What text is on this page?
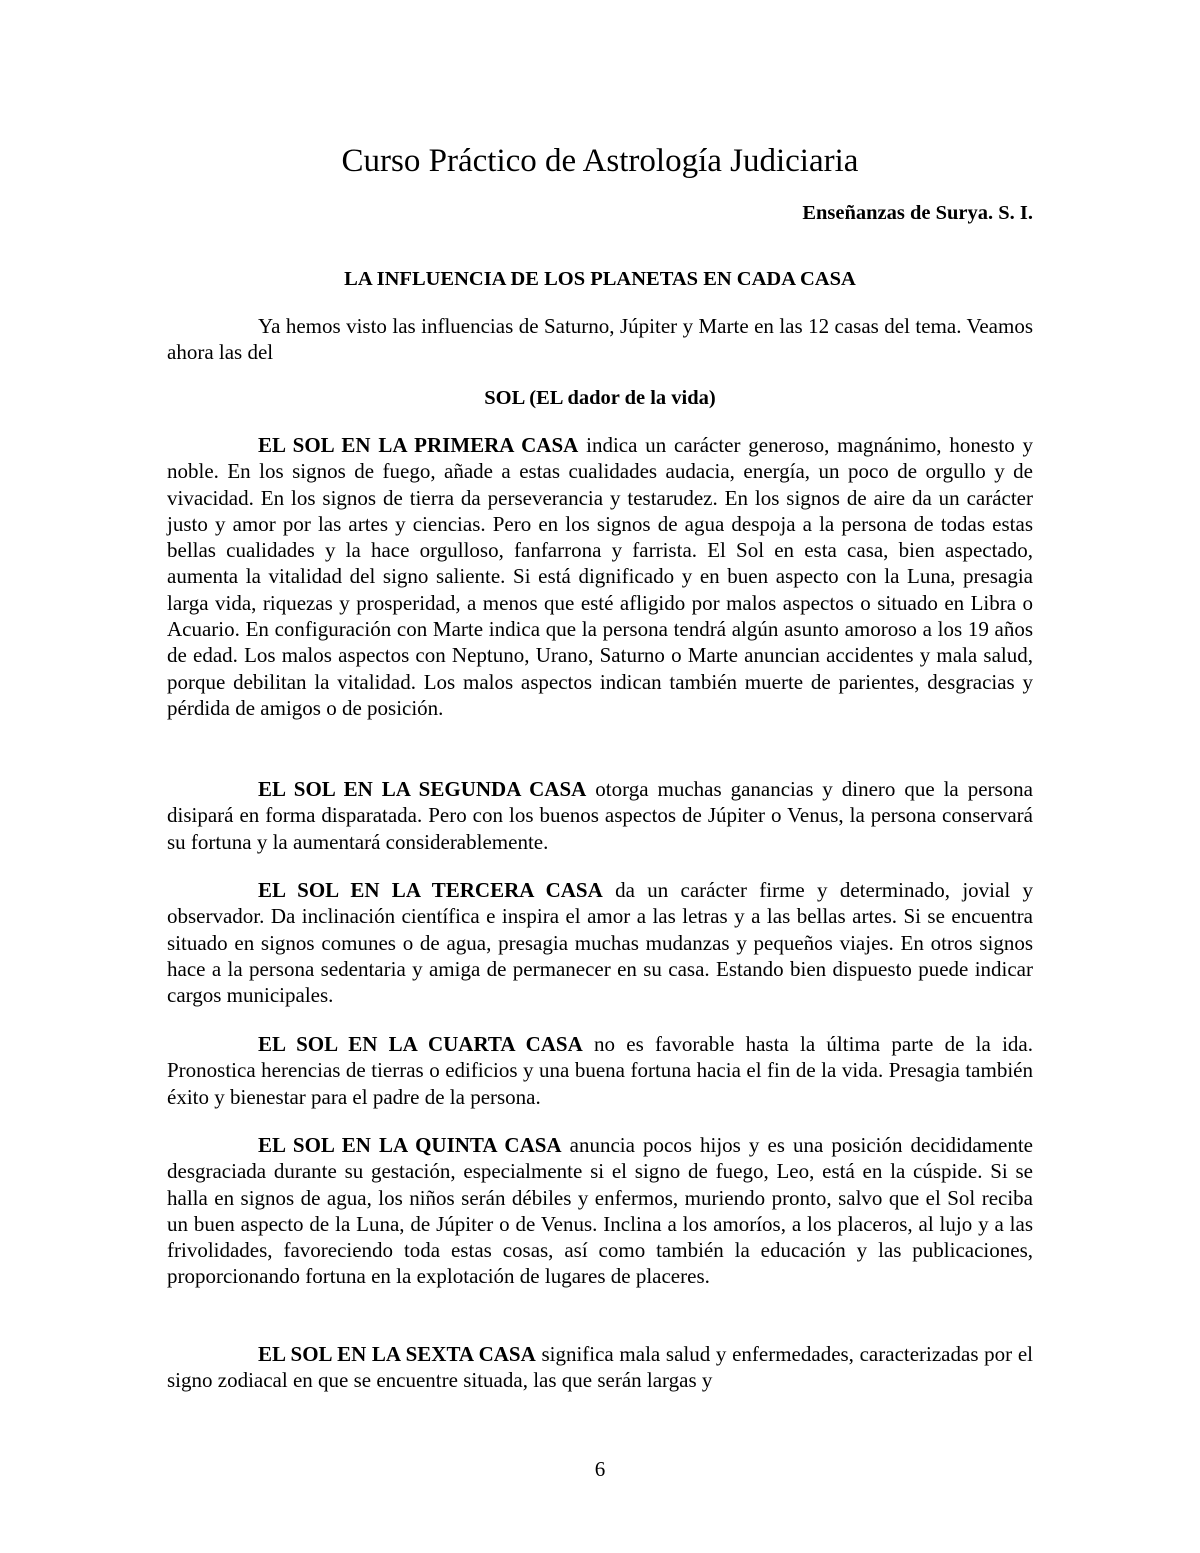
Curso Práctico de Astrología Judiciaria

Enseñanzas de Surya. S. I.

LA INFLUENCIA DE LOS PLANETAS EN CADA CASA

Ya hemos visto las influencias de Saturno, Júpiter y Marte en las 12 casas del tema. Veamos ahora las del

SOL (EL dador de la vida)

EL SOL EN LA PRIMERA CASA indica un carácter generoso, magnánimo, honesto y noble. En los signos de fuego, añade a estas cualidades audacia, energía, un poco de orgullo y de vivacidad. En los signos de tierra da perseverancia y testarudez. En los signos de aire da un carácter justo y amor por las artes y ciencias. Pero en los signos de agua despoja a la persona de todas estas bellas cualidades y la hace orgulloso, fanfarrona y farrista. El Sol en esta casa, bien aspectado, aumenta la vitalidad del signo saliente. Si está dignificado y en buen aspecto con la Luna, presagia larga vida, riquezas y prosperidad, a menos que esté afligido por malos aspectos o situado en Libra o Acuario. En configuración con Marte indica que la persona tendrá algún asunto amoroso a los 19 años de edad. Los malos aspectos con Neptuno, Urano, Saturno o Marte anuncian accidentes y mala salud, porque debilitan la vitalidad. Los malos aspectos indican también muerte de parientes, desgracias y pérdida de amigos o de posición.

EL SOL EN LA SEGUNDA CASA otorga muchas ganancias y dinero que la persona disipará en forma disparatada. Pero con los buenos aspectos de Júpiter o Venus, la persona conservará su fortuna y la aumentará considerablemente.

EL SOL EN LA TERCERA CASA da un carácter firme y determinado, jovial y observador. Da inclinación científica e inspira el amor a las letras y a las bellas artes. Si se encuentra situado en signos comunes o de agua, presagia muchas mudanzas y pequeños viajes. En otros signos hace a la persona sedentaria y amiga de permanecer en su casa. Estando bien dispuesto puede indicar cargos municipales.

EL SOL EN LA CUARTA CASA no es favorable hasta la última parte de la ida. Pronostica herencias de tierras o edificios y una buena fortuna hacia el fin de la vida. Presagia también éxito y bienestar para el padre de la persona.

EL SOL EN LA QUINTA CASA anuncia pocos hijos y es una posición decididamente desgraciada durante su gestación, especialmente si el signo de fuego, Leo, está en la cúspide. Si se halla en signos de agua, los niños serán débiles y enfermos, muriendo pronto, salvo que el Sol reciba un buen aspecto de la Luna, de Júpiter o de Venus. Inclina a los amoríos, a los placeros, al lujo y a las frivolidades, favoreciendo toda estas cosas, así como también la educación y las publicaciones, proporcionando fortuna en la explotación de lugares de placeres.

EL SOL EN LA SEXTA CASA significa mala salud y enfermedades, caracterizadas por el signo zodiacal en que se encuentre situada, las que serán largas y

6
